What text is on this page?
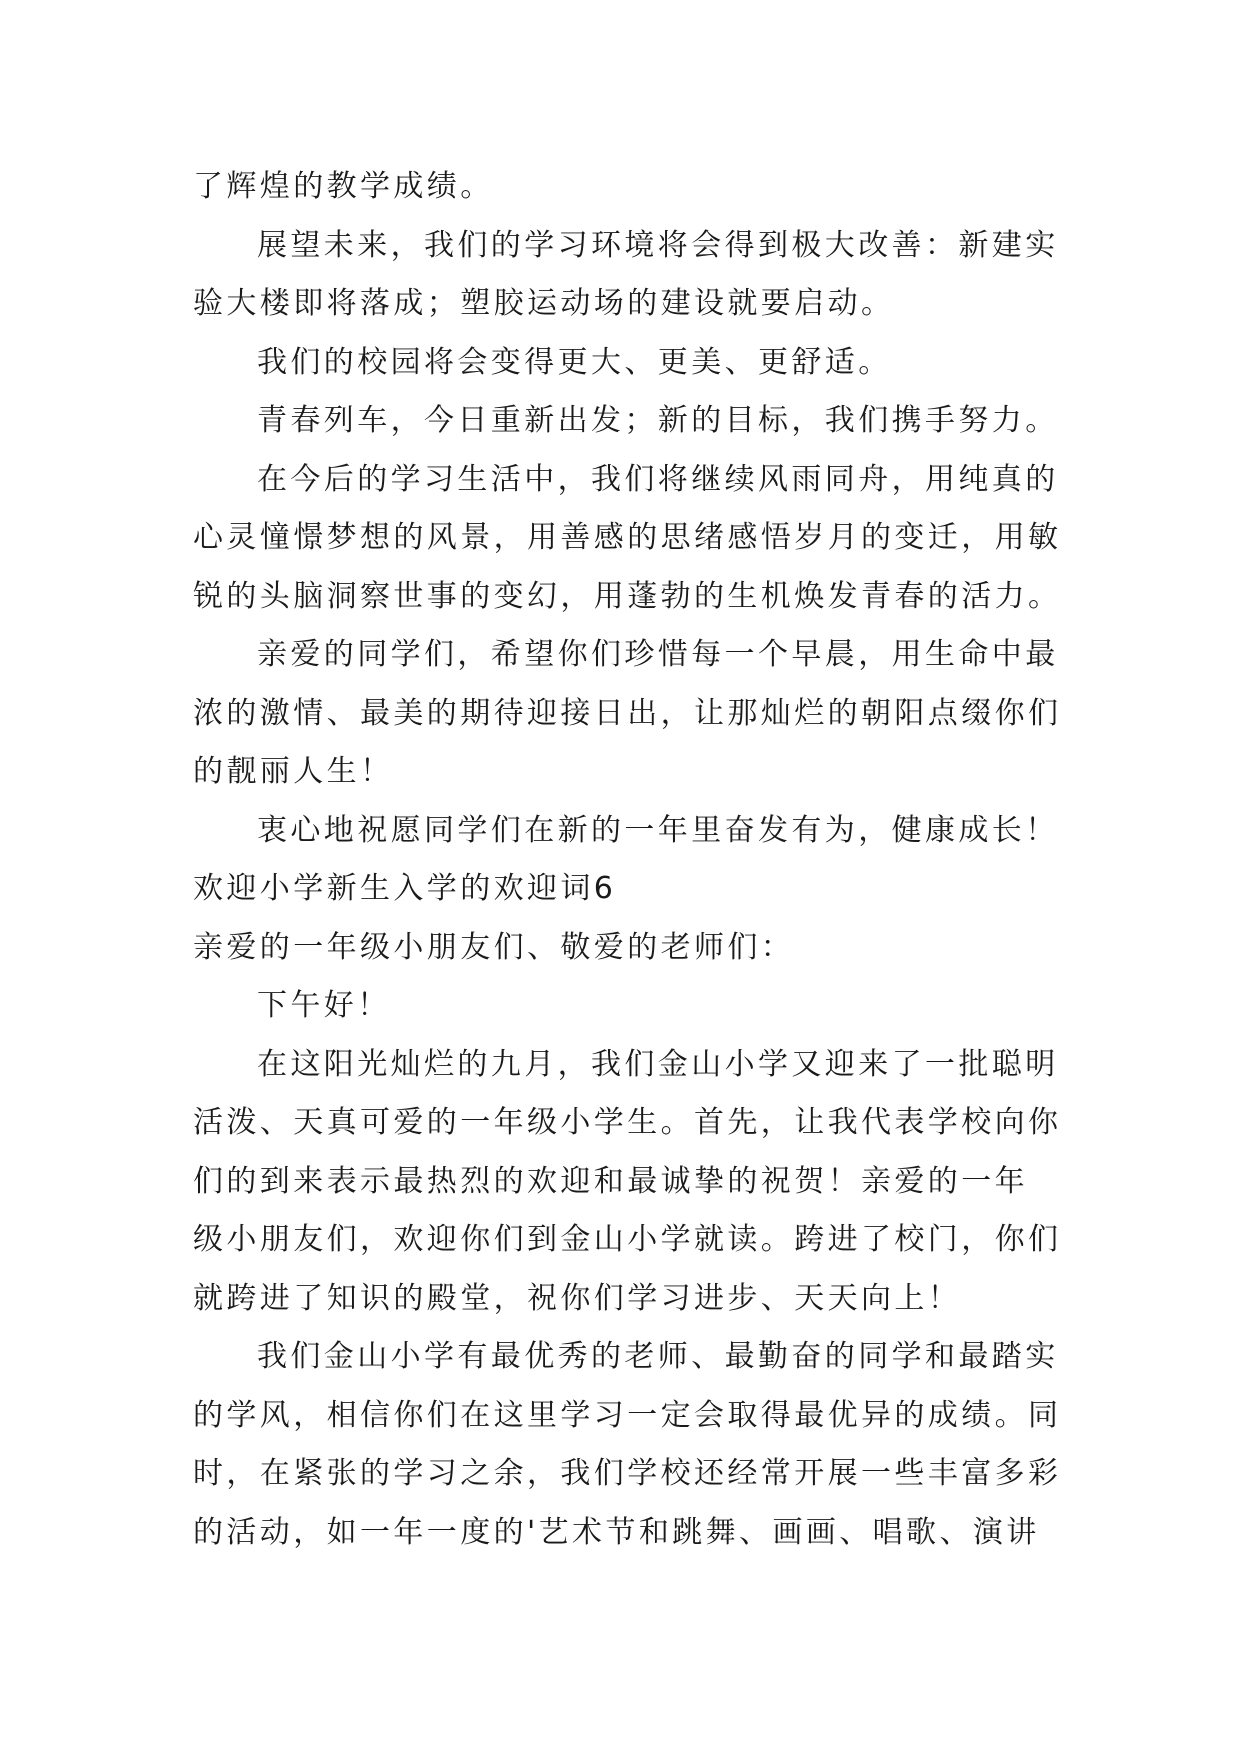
了辉煌的教学成绩。
展望未来，我们的学习环境将会得到极大改善：新建实
验大楼即将落成；塑胶运动场的建设就要启动。
我们的校园将会变得更大、更美、更舒适。
青春列车，今日重新出发；新的目标，我们携手努力。
在今后的学习生活中，我们将继续风雨同舟，用纯真的
心灵憧憬梦想的风景，用善感的思绪感悟岁月的变迁，用敏
锐的头脑洞察世事的变幻，用蓬勃的生机焕发青春的活力。
亲爱的同学们，希望你们珍惜每一个早晨，用生命中最
浓的激情、最美的期待迎接日出，让那灿烂的朝阳点缀你们
的靓丽人生！
衷心地祝愿同学们在新的一年里奋发有为，健康成长！
欢迎小学新生入学的欢迎词6
亲爱的一年级小朋友们、敬爱的老师们：
下午好！
在这阳光灿烂的九月，我们金山小学又迎来了一批聪明
活泼、天真可爱的一年级小学生。首先，让我代表学校向你
们的到来表示最热烈的欢迎和最诚挚的祝贺！亲爱的一年
级小朋友们，欢迎你们到金山小学就读。跨进了校门，你们
就跨进了知识的殿堂，祝你们学习进步、天天向上！
我们金山小学有最优秀的老师、最勤奋的同学和最踏实
的学风，相信你们在这里学习一定会取得最优异的成绩。同
时，在紧张的学习之余，我们学校还经常开展一些丰富多彩
的活动，如一年一度的'艺术节和跳舞、画画、唱歌、演讲
